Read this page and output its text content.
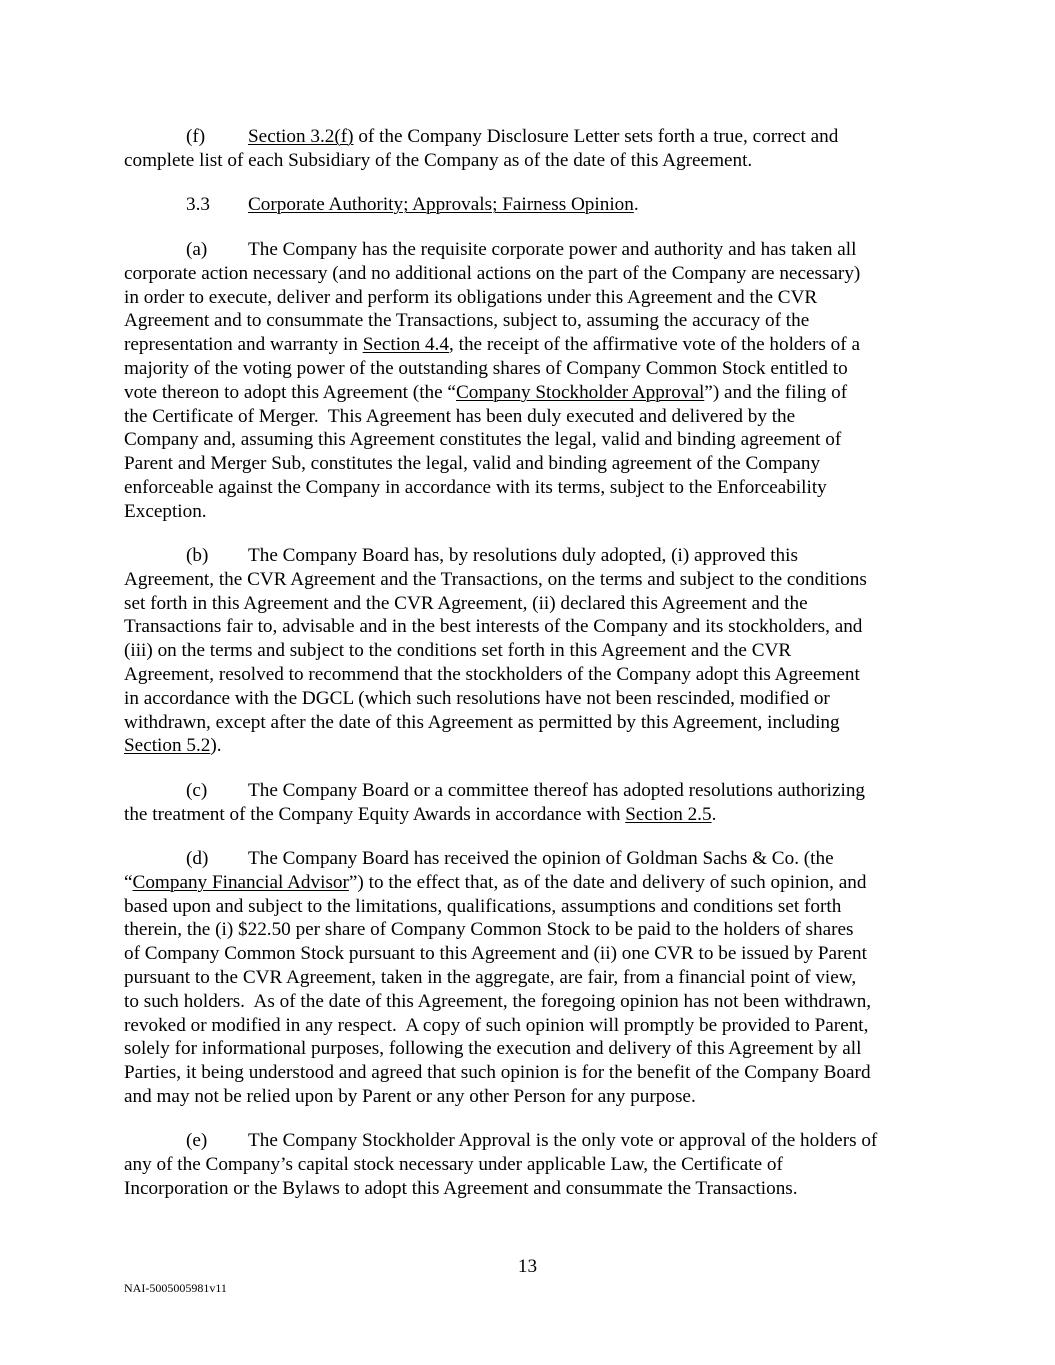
(f) Section 3.2(f) of the Company Disclosure Letter sets forth a true, correct and
complete list of each Subsidiary of the Company as of the date of this Agreement.
3.3 Corporate Authority; Approvals; Fairness Opinion.
(a) The Company has the requisite corporate power and authority and has taken all
corporate action necessary (and no additional actions on the part of the Company are necessary)
in order to execute, deliver and perform its obligations under this Agreement and the CVR
Agreement and to consummate the Transactions, subject to, assuming the accuracy of the
representation and warranty in Section 4.4, the receipt of the affirmative vote of the holders of a
majority of the voting power of the outstanding shares of Company Common Stock entitled to
vote thereon to adopt this Agreement (the “Company Stockholder Approval”) and the filing of
the Certificate of Merger.  This Agreement has been duly executed and delivered by the
Company and, assuming this Agreement constitutes the legal, valid and binding agreement of
Parent and Merger Sub, constitutes the legal, valid and binding agreement of the Company
enforceable against the Company in accordance with its terms, subject to the Enforceability
Exception.
(b) The Company Board has, by resolutions duly adopted, (i) approved this
Agreement, the CVR Agreement and the Transactions, on the terms and subject to the conditions
set forth in this Agreement and the CVR Agreement, (ii) declared this Agreement and the
Transactions fair to, advisable and in the best interests of the Company and its stockholders, and
(iii) on the terms and subject to the conditions set forth in this Agreement and the CVR
Agreement, resolved to recommend that the stockholders of the Company adopt this Agreement
in accordance with the DGCL (which such resolutions have not been rescinded, modified or
withdrawn, except after the date of this Agreement as permitted by this Agreement, including
Section 5.2).
(c) The Company Board or a committee thereof has adopted resolutions authorizing
the treatment of the Company Equity Awards in accordance with Section 2.5.
(d) The Company Board has received the opinion of Goldman Sachs & Co. (the
“Company Financial Advisor”) to the effect that, as of the date and delivery of such opinion, and
based upon and subject to the limitations, qualifications, assumptions and conditions set forth
therein, the (i) $22.50 per share of Company Common Stock to be paid to the holders of shares
of Company Common Stock pursuant to this Agreement and (ii) one CVR to be issued by Parent
pursuant to the CVR Agreement, taken in the aggregate, are fair, from a financial point of view,
to such holders.  As of the date of this Agreement, the foregoing opinion has not been withdrawn,
revoked or modified in any respect.  A copy of such opinion will promptly be provided to Parent,
solely for informational purposes, following the execution and delivery of this Agreement by all
Parties, it being understood and agreed that such opinion is for the benefit of the Company Board
and may not be relied upon by Parent or any other Person for any purpose.
(e) The Company Stockholder Approval is the only vote or approval of the holders of
any of the Company’s capital stock necessary under applicable Law, the Certificate of
Incorporation or the Bylaws to adopt this Agreement and consummate the Transactions.
13
NAI-5005005981v11
